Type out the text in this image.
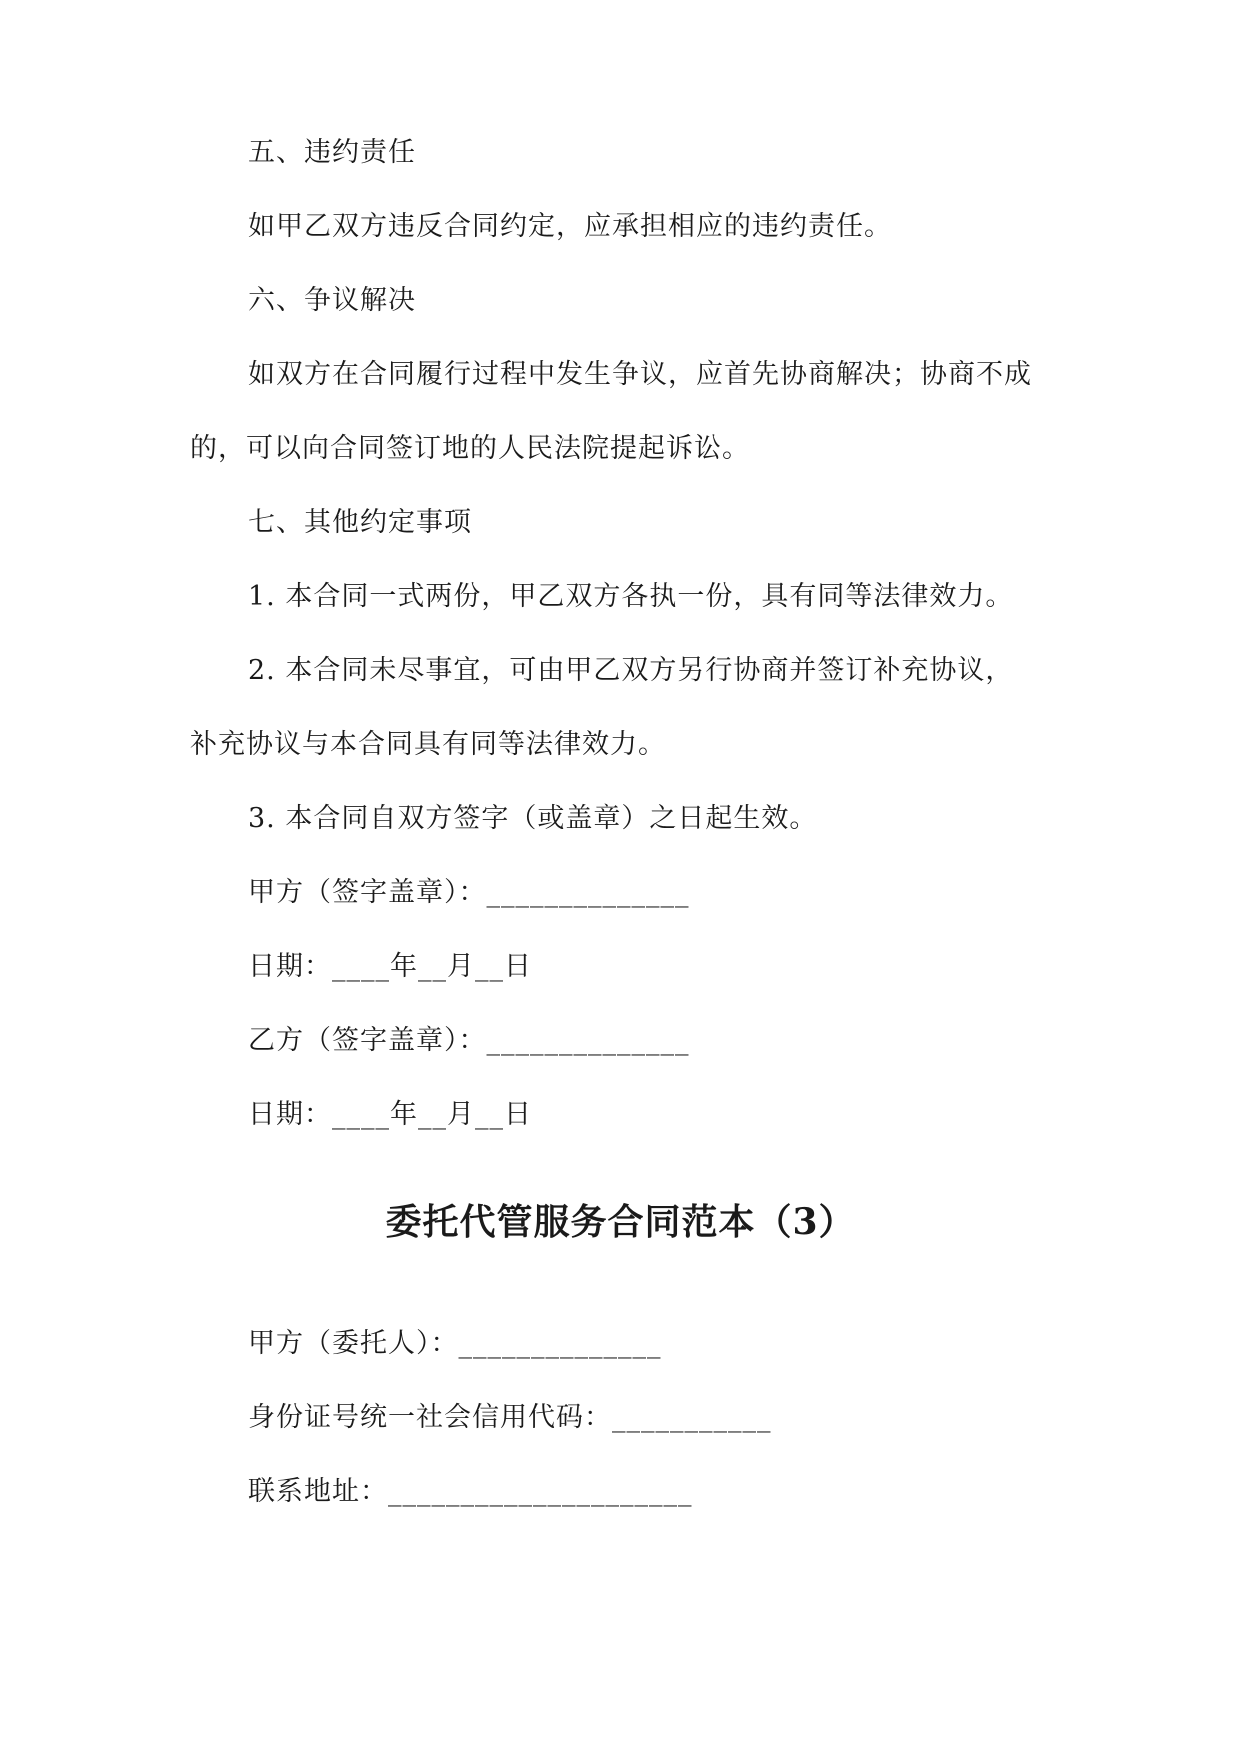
五、违约责任
如甲乙双方违反合同约定，应承担相应的违约责任。
六、争议解决
如双方在合同履行过程中发生争议，应首先协商解决；协商不成
的，可以向合同签订地的人民法院提起诉讼。
七、其他约定事项
1. 本合同一式两份，甲乙双方各执一份，具有同等法律效力。
2. 本合同未尽事宜，可由甲乙双方另行协商并签订补充协议，
补充协议与本合同具有同等法律效力。
3. 本合同自双方签字（或盖章）之日起生效。
甲方（签字盖章）：______________
日期：____年__月__日
乙方（签字盖章）：______________
日期：____年__月__日
委托代管服务合同范本（3）
甲方（委托人）：______________
身份证号统一社会信用代码：___________
联系地址：_____________________
